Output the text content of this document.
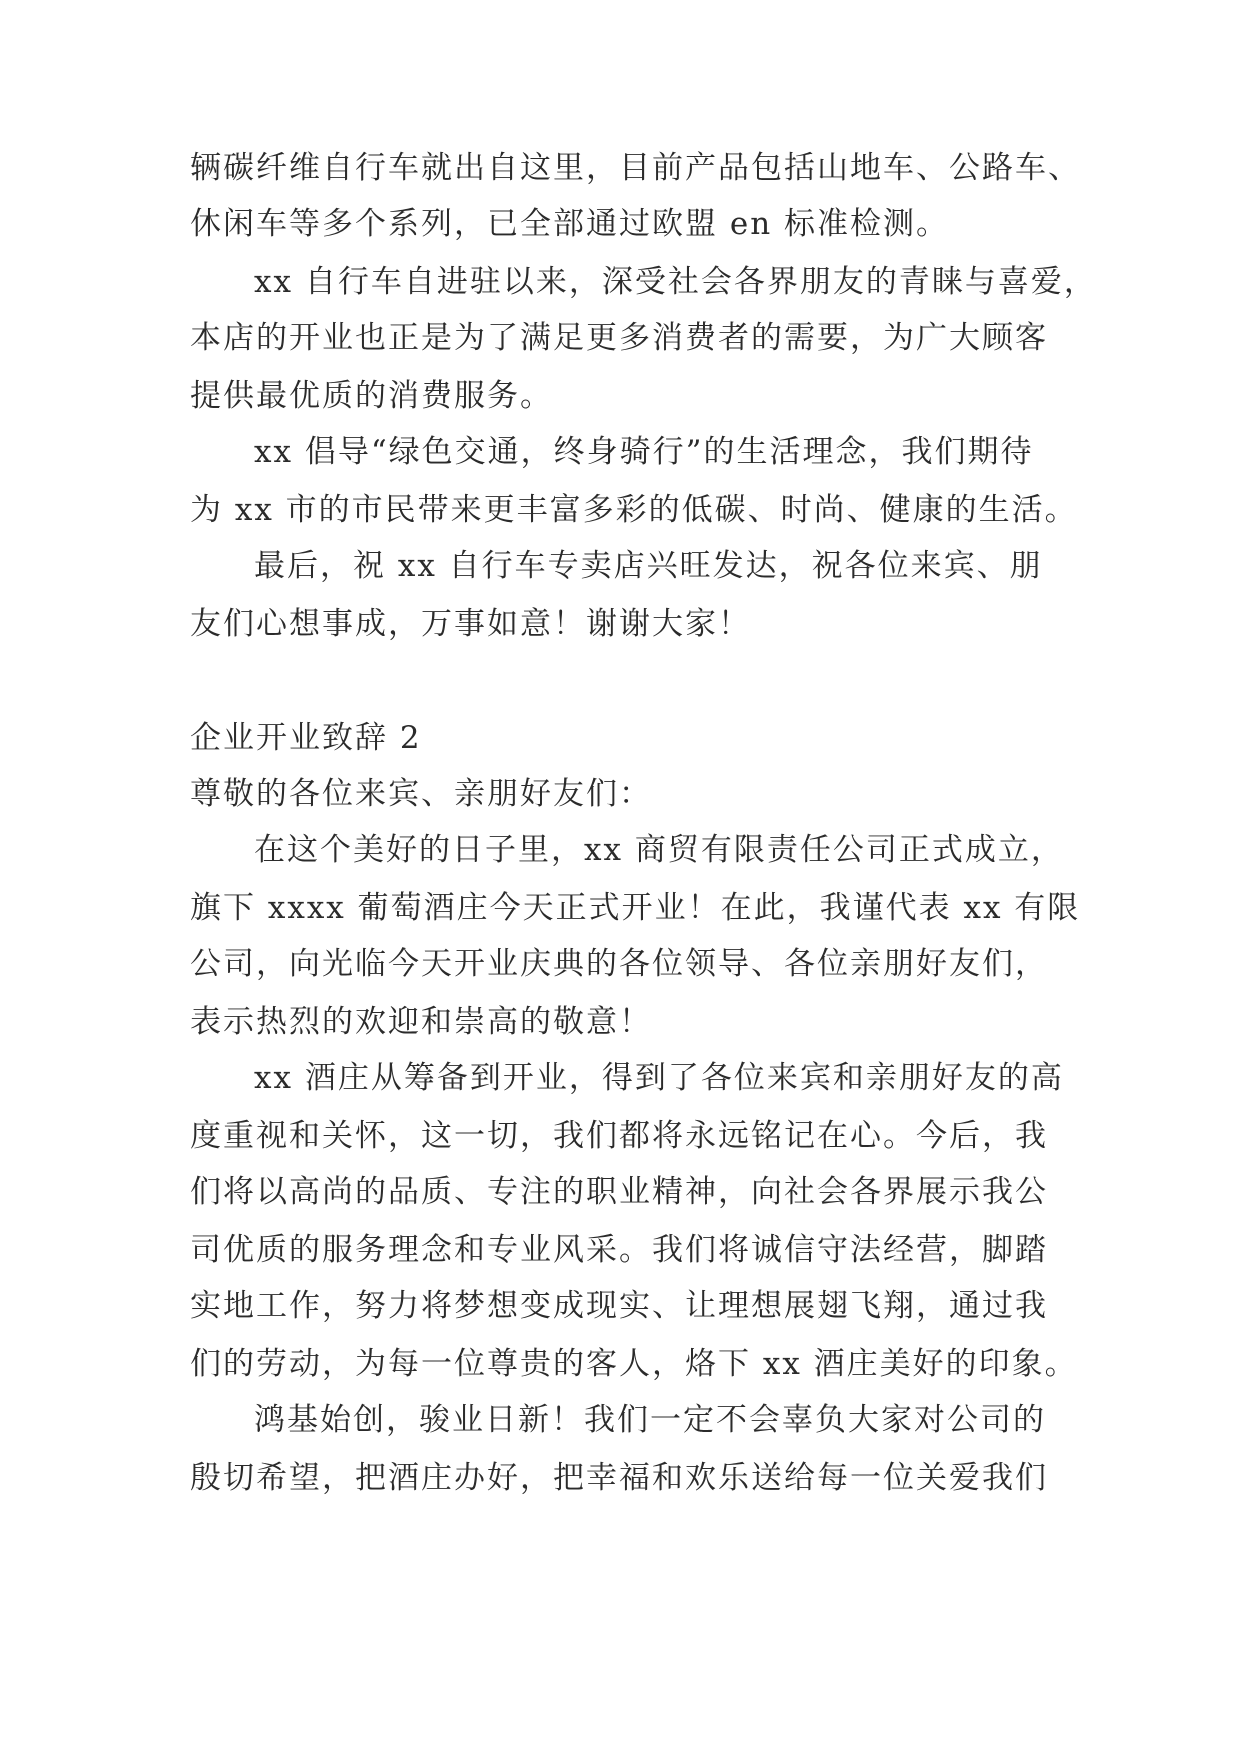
辆碳纤维自行车就出自这里，目前产品包括山地车、公路车、
休闲车等多个系列，已全部通过欧盟 en 标准检测。
xx 自行车自进驻以来，深受社会各界朋友的青睐与喜爱，
本店的开业也正是为了满足更多消费者的需要，为广大顾客
提供最优质的消费服务。
xx 倡导“绿色交通，终身骑行”的生活理念，我们期待
为 xx 市的市民带来更丰富多彩的低碳、时尚、健康的生活。
最后，祝 xx 自行车专卖店兴旺发达，祝各位来宾、朋
友们心想事成，万事如意！谢谢大家！
企业开业致辞 2
尊敬的各位来宾、亲朋好友们：
在这个美好的日子里，xx 商贸有限责任公司正式成立，
旗下 xxxx 葡萄酒庄今天正式开业！在此，我谨代表 xx 有限
公司，向光临今天开业庆典的各位领导、各位亲朋好友们，
表示热烈的欢迎和崇高的敬意！
xx 酒庄从筹备到开业，得到了各位来宾和亲朋好友的高
度重视和关怀，这一切，我们都将永远铭记在心。今后，我
们将以高尚的品质、专注的职业精神，向社会各界展示我公
司优质的服务理念和专业风采。我们将诚信守法经营，脚踏
实地工作，努力将梦想变成现实、让理想展翅飞翔，通过我
们的劳动，为每一位尊贵的客人，烙下 xx 酒庄美好的印象。
鸿基始创，骏业日新！我们一定不会辜负大家对公司的
殷切希望，把酒庄办好，把幸福和欢乐送给每一位关爱我们
